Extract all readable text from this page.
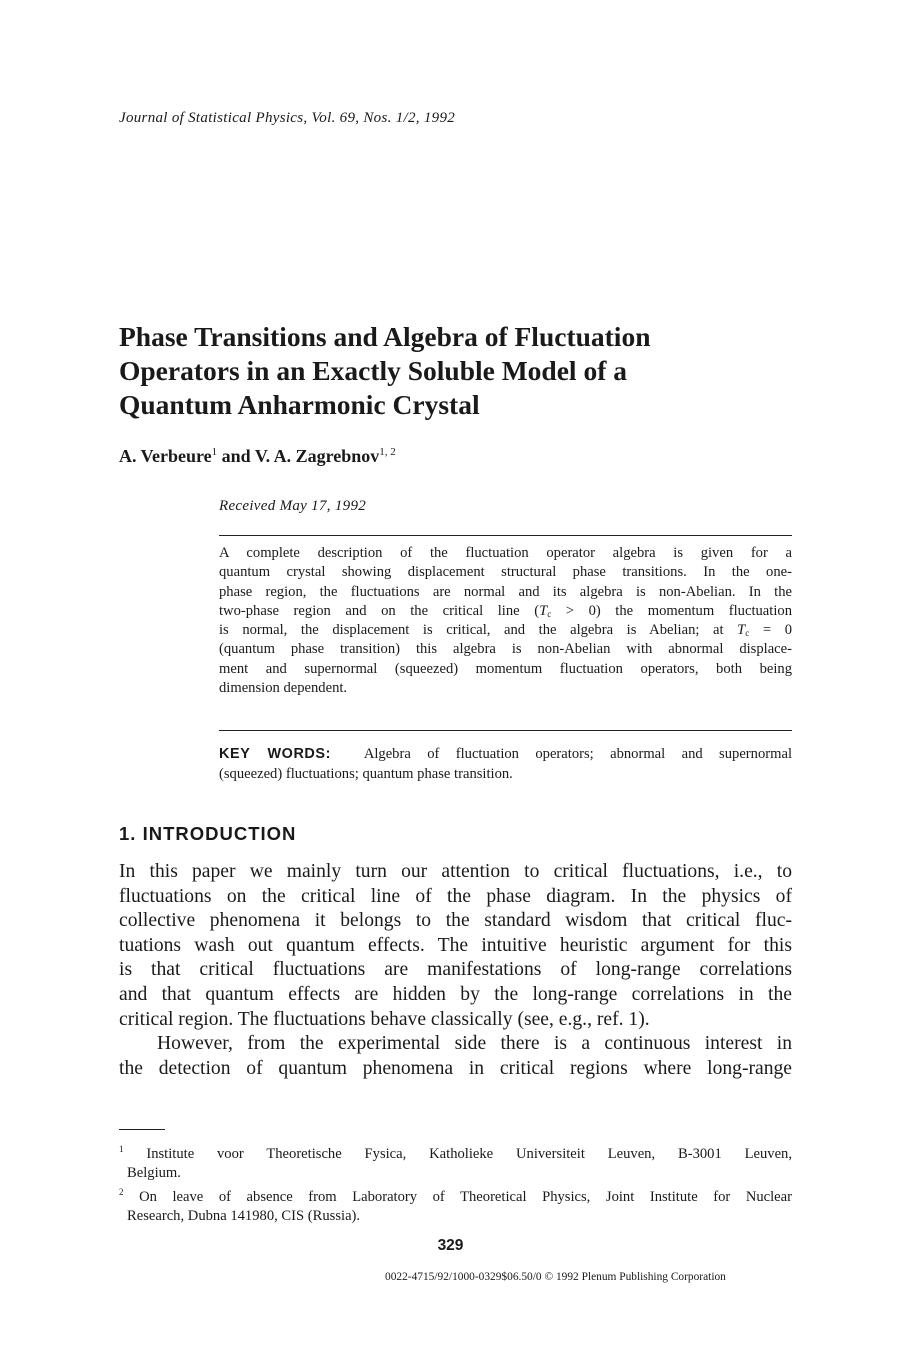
Journal of Statistical Physics, Vol. 69, Nos. 1/2, 1992
Phase Transitions and Algebra of Fluctuation
Operators in an Exactly Soluble Model of a
Quantum Anharmonic Crystal
A. Verbeure$^1$ and V. A. Zagrebnov$^{1, 2}$
Received May 17, 1992
A complete description of the fluctuation operator algebra is given for a
quantum crystal showing displacement structural phase transitions. In the one-
phase region, the fluctuations are normal and its algebra is non-Abelian. In the
two-phase region and on the critical line $(T_c > 0)$ the momentum fluctuation
is normal, the displacement is critical, and the algebra is Abelian; at $T_c = 0$
(quantum phase transition) this algebra is non-Abelian with abnormal displace-
ment and supernormal (squeezed) momentum fluctuation operators, both being
dimension dependent.
KEY WORDS: Algebra of fluctuation operators; abnormal and supernormal
(squeezed) fluctuations; quantum phase transition.
1. INTRODUCTION
In this paper we mainly turn our attention to critical fluctuations, i.e., to
fluctuations on the critical line of the phase diagram. In the physics of
collective phenomena it belongs to the standard wisdom that critical fluc-
tuations wash out quantum effects. The intuitive heuristic argument for this
is that critical fluctuations are manifestations of long-range correlations
and that quantum effects are hidden by the long-range correlations in the
critical region. The fluctuations behave classically (see, e.g., ref. 1).
However, from the experimental side there is a continuous interest in
the detection of quantum phenomena in critical regions where long-range
$^1$ Institute voor Theoretische Fysica, Katholieke Universiteit Leuven, B-3001 Leuven,
Belgium.
$^2$ On leave of absence from Laboratory of Theoretical Physics, Joint Institute for Nuclear
Research, Dubna 141980, CIS (Russia).
329
0022-4715/92/1000-0329$06.50/0 © 1992 Plenum Publishing Corporation
